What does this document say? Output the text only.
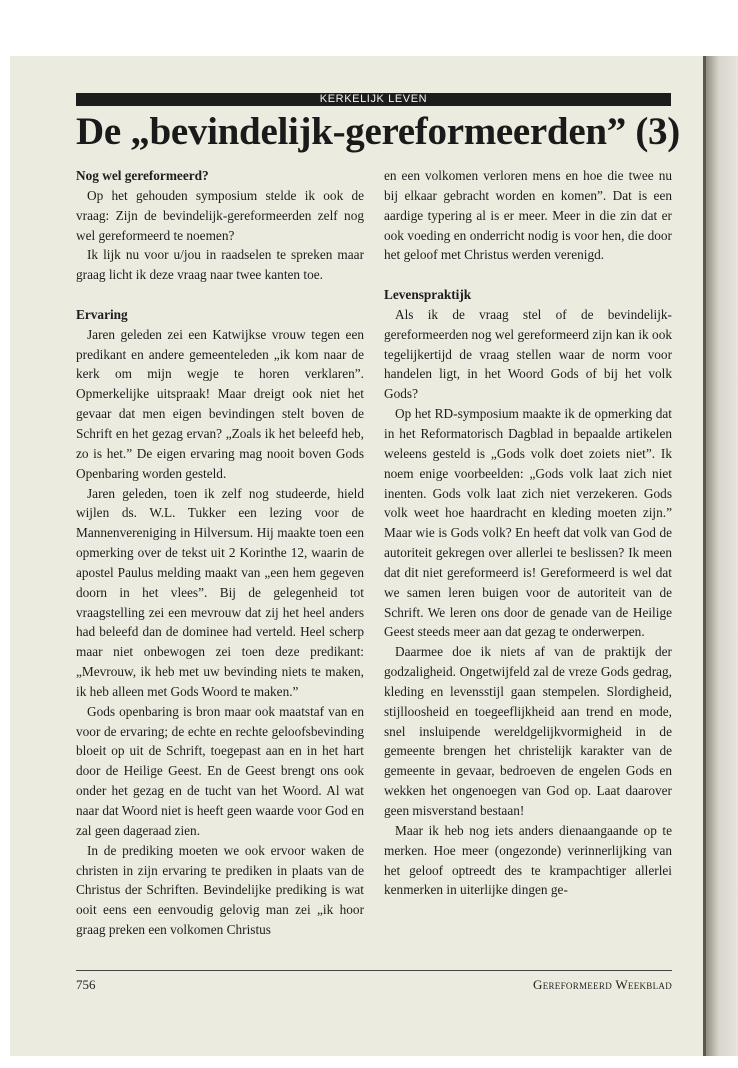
KERKELIJK LEVEN
De „bevindelijk-gereformeerden” (3)
Nog wel gereformeerd?

Op het gehouden symposium stelde ik ook de vraag: Zijn de bevindelijk-gereformeerden zelf nog wel gereformeerd te noemen?

Ik lijk nu voor u/jou in raadselen te spreken maar graag licht ik deze vraag naar twee kanten toe.

Ervaring

Jaren geleden zei een Katwijkse vrouw tegen een predikant en andere gemeenteleden „ik kom naar de kerk om mijn wegje te horen verklaren”. Opmerkelijke uitspraak! Maar dreigt ook niet het gevaar dat men eigen bevindingen stelt boven de Schrift en het gezag ervan? „Zoals ik het beleefd heb, zo is het.” De eigen ervaring mag nooit boven Gods Openbaring worden gesteld.

Jaren geleden, toen ik zelf nog studeerde, hield wijlen ds. W.L. Tukker een lezing voor de Mannenvereniging in Hilversum. Hij maakte toen een opmerking over de tekst uit 2 Korinthe 12, waarin de apostel Paulus melding maakt van „een hem gegeven doorn in het vlees”. Bij de gelegenheid tot vraagstelling zei een mevrouw dat zij het heel anders had beleefd dan de dominee had verteld. Heel scherp maar niet onbewogen zei toen deze predikant: „Mevrouw, ik heb met uw bevinding niets te maken, ik heb alleen met Gods Woord te maken.”

Gods openbaring is bron maar ook maatstaf van en voor de ervaring; de echte en rechte geloofsbevinding bloeit op uit de Schrift, toegepast aan en in het hart door de Heilige Geest. En de Geest brengt ons ook onder het gezag en de tucht van het Woord. Al wat naar dat Woord niet is heeft geen waarde voor God en zal geen dageraad zien.

In de prediking moeten we ook ervoor waken de christen in zijn ervaring te prediken in plaats van de Christus der Schriften. Bevindelijke prediking is wat ooit eens een eenvoudig gelovig man zei „ik hoor graag preken een volkomen Christus

en een volkomen verloren mens en hoe die twee nu bij elkaar gebracht worden en komen”. Dat is een aardige typering al is er meer. Meer in die zin dat er ook voeding en onderricht nodig is voor hen, die door het geloof met Christus werden verenigd.

Levenspraktijk

Als ik de vraag stel of de bevindelijk-gereformeerden nog wel gereformeerd zijn kan ik ook tegelijkertijd de vraag stellen waar de norm voor handelen ligt, in het Woord Gods of bij het volk Gods?

Op het RD-symposium maakte ik de opmerking dat in het Reformatorisch Dagblad in bepaalde artikelen weleens gesteld is „Gods volk doet zoiets niet”. Ik noem enige voorbeelden: „Gods volk laat zich niet inenten. Gods volk laat zich niet verzekeren. Gods volk weet hoe haardracht en kleding moeten zijn.” Maar wie is Gods volk? En heeft dat volk van God de autoriteit gekregen over allerlei te beslissen? Ik meen dat dit niet gereformeerd is! Gereformeerd is wel dat we samen leren buigen voor de autoriteit van de Schrift. We leren ons door de genade van de Heilige Geest steeds meer aan dat gezag te onderwerpen.

Daarmee doe ik niets af van de praktijk der godzaligheid. Ongetwijfeld zal de vreze Gods gedrag, kleding en levensstijl gaan stempelen. Slordigheid, stijlloosheid en toegeeflijkheid aan trend en mode, snel insluipende wereldgelijkvormigheid in de gemeente brengen het christelijk karakter van de gemeente in gevaar, bedroeven de engelen Gods en wekken het ongenoegen van God op. Laat daarover geen misverstand bestaan!

Maar ik heb nog iets anders dienaangaande op te merken. Hoe meer (ongezonde) verinnerlijking van het geloof optreedt des te krampachtiger allerlei kenmerken in uiterlijke dingen ge-

756	Gereformeerd Weekblad
